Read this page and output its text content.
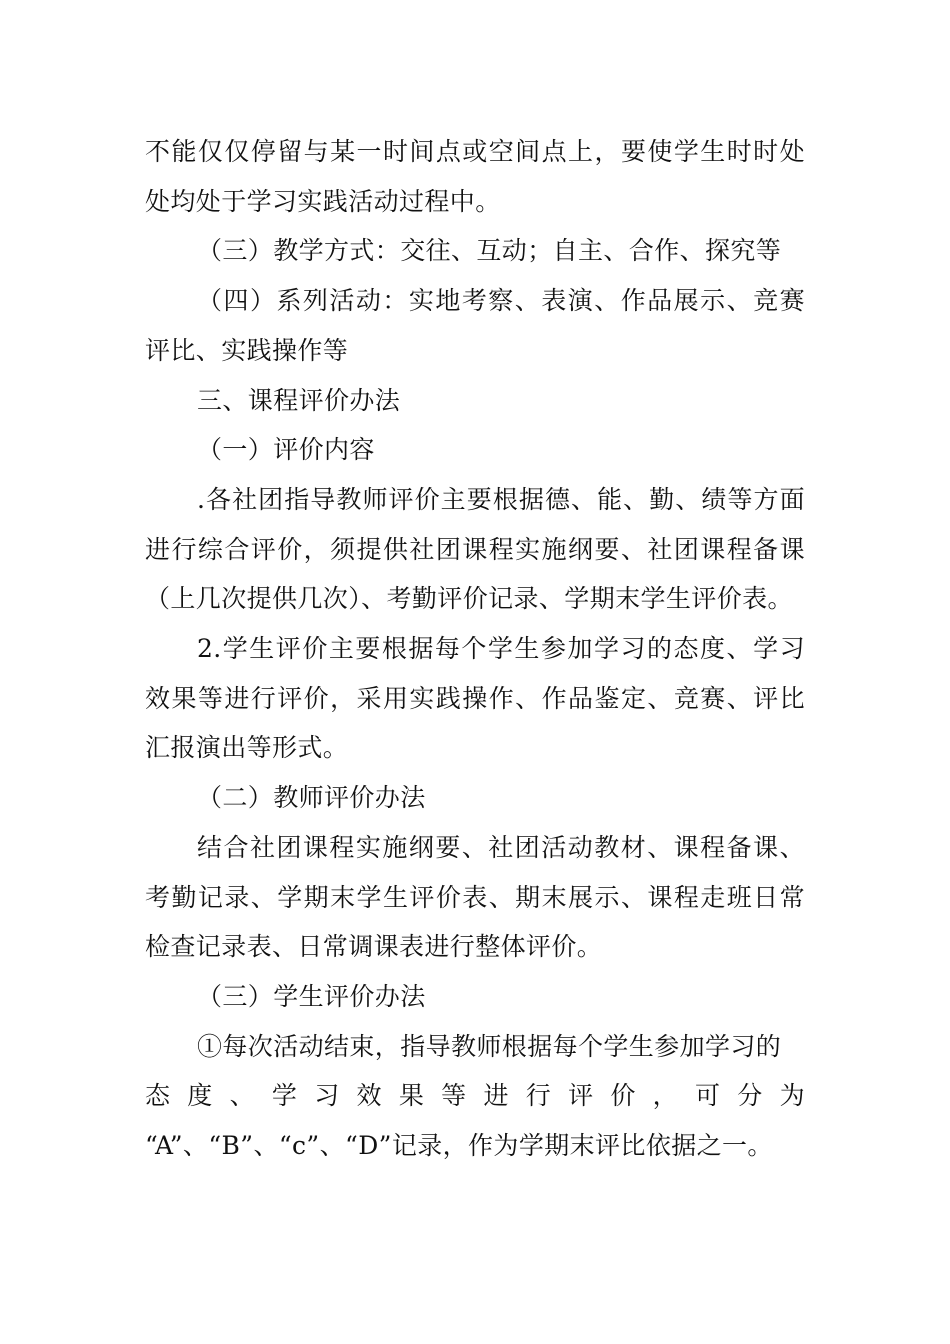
不能仅仅停留与某一时间点或空间点上，要使学生时时处处均处于学习实践活动过程中。

（三）教学方式：交往、互动；自主、合作、探究等

（四）系列活动：实地考察、表演、作品展示、竞赛评比、实践操作等

三、课程评价办法

（一）评价内容

.各社团指导教师评价主要根据德、能、勤、绩等方面进行综合评价，须提供社团课程实施纲要、社团课程备课（上几次提供几次）、考勤评价记录、学期末学生评价表。

2.学生评价主要根据每个学生参加学习的态度、学习效果等进行评价，采用实践操作、作品鉴定、竞赛、评比汇报演出等形式。

（二）教师评价办法

结合社团课程实施纲要、社团活动教材、课程备课、考勤记录、学期末学生评价表、期末展示、课程走班日常检查记录表、日常调课表进行整体评价。

（三）学生评价办法

①每次活动结束，指导教师根据每个学生参加学习的

态度、学习效果等进行评价，可分为

“A”、“B”、“c”、“D”记录，作为学期末评比依据之一。
